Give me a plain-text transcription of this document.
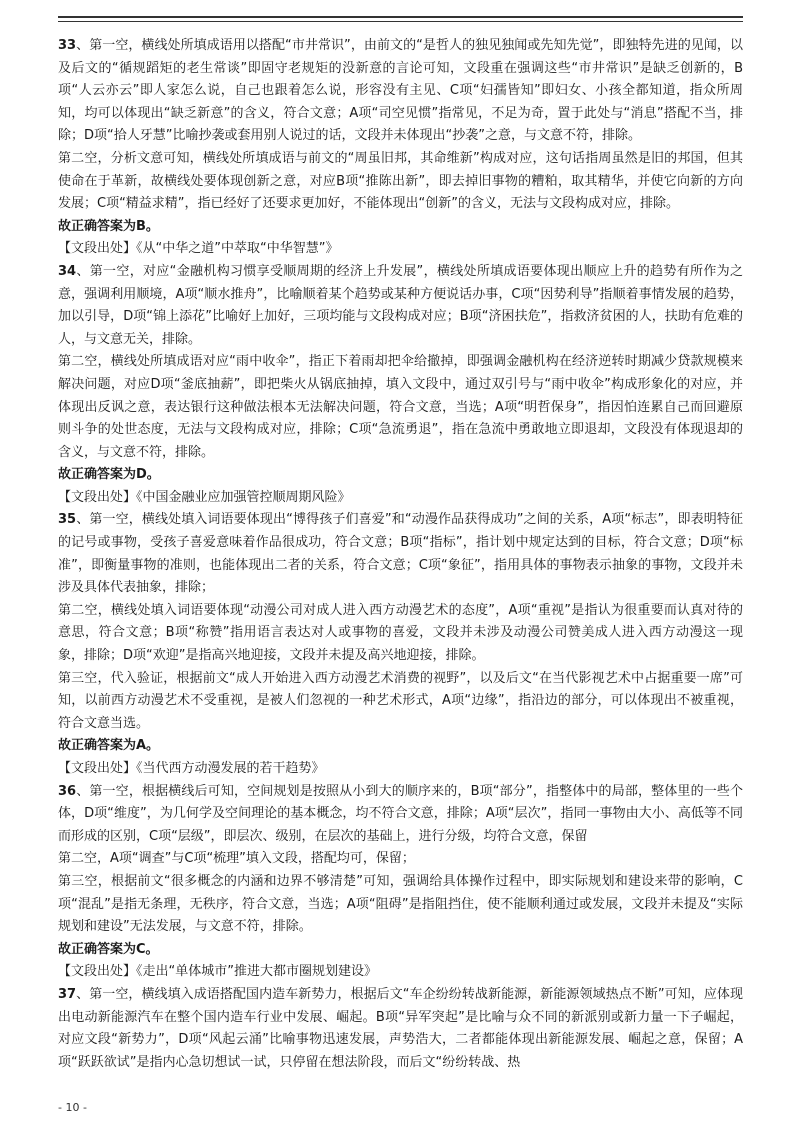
33、第一空，横线处所填成语用以搭配“市井常识”，由前文的“是哲人的独见独闻或先知先觉”，即独特先进的见闻，以及后文的“循规蹈矩的老生常谈”即固守老规矩的没新意的言论可知，文段重在强调这些“市井常识”是缺乏创新的，B项“人云亦云”即人家怎么说，自己也跟着怎么说，形容没有主见、C项“妇孺皆知”即妇女、小孩全都知道，指众所周知，均可以体现出“缺乏新意”的含义，符合文意；A项“司空见惯”指常见，不足为奇，置于此处与“消息”搭配不当，排除；D项“拾人牙慧”比喻抄袭或套用别人说过的话，文段并未体现出“抄袭”之意，与文意不符，排除。

第二空，分析文意可知，横线处所填成语与前文的“周虽旧邦，其命维新”构成对应，这句话指周虽然是旧的邦国，但其使命在于革新，故横线处要体现创新之意，对应B项“推陈出新”，即去掉旧事物的糟粕，取其精华，并使它向新的方向发展；C项“精益求精”，指已经好了还要求更加好，不能体现出“创新”的含义，无法与文段构成对应，排除。

故正确答案为B。

【文段出处】《从“中华之道”中萃取“中华智慧”》

34、第一空，对应“金融机构习惯享受顺周期的经济上升发展”，横线处所填成语要体现出顺应上升的趋势有所作为之意，强调利用顺境，A项“顺水推舟”，比喻顺着某个趋势或某种方便说话办事，C项“因势利导”指顺着事情发展的趋势，加以引导，D项“锦上添花”比喻好上加好，三项均能与文段构成对应；B项“济困扶危”，指救济贫困的人，扶助有危难的人，与文意无关，排除。

第二空，横线处所填成语对应“雨中收伞”，指正下着雨却把伞给撤掉，即强调金融机构在经济逆转时期减少贷款规模来解决问题，对应D项“釜底抽薪”，即把柴火从锅底抽掉，填入文段中，通过双引号与“雨中收伞”构成形象化的对应，并体现出反讽之意，表达银行这种做法根本无法解决问题，符合文意，当选；A项“明哲保身”，指因怕连累自己而回避原则斗争的处世态度，无法与文段构成对应，排除；C项“急流勇退”，指在急流中勇敢地立即退却，文段没有体现退却的含义，与文意不符，排除。

故正确答案为D。

【文段出处】《中国金融业应加强管控顺周期风险》

35、第一空，横线处填入词语要体现出“博得孩子们喜爱”和“动漫作品获得成功”之间的关系，A项“标志”，即表明特征的记号或事物，受孩子喜爱意味着作品很成功，符合文意；B项“指标”，指计划中规定达到的目标，符合文意；D项“标准”，即衡量事物的准则，也能体现出二者的关系，符合文意；C项“象征”，指用具体的事物表示抽象的事物，文段并未涉及具体代表抽象，排除；

第二空，横线处填入词语要体现“动漫公司对成人进入西方动漫艺术的态度”，A项“重视”是指认为很重要而认真对待的意思，符合文意；B项“称赞”指用语言表达对人或事物的喜爱，文段并未涉及动漫公司赞美成人进入西方动漫这一现象，排除；D项“欢迎”是指高兴地迎接，文段并未提及高兴地迎接，排除。

第三空，代入验证，根据前文“成人开始进入西方动漫艺术消费的视野”，以及后文“在当代影视艺术中占据重要一席”可知，以前西方动漫艺术不受重视，是被人们忽视的一种艺术形式，A项“边缘”，指沿边的部分，可以体现出不被重视，符合文意当选。

故正确答案为A。

【文段出处】《当代西方动漫发展的若干趋势》

36、第一空，根据横线后可知，空间规划是按照从小到大的顺序来的，B项“部分”，指整体中的局部，整体里的一些个体，D项“维度”，为几何学及空间理论的基本概念，均不符合文意，排除；A项“层次”，指同一事物由大小、高低等不同而形成的区别，C项“层级”，即层次、级别，在层次的基础上，进行分级，均符合文意，保留

第二空，A项“调查”与C项“梳理”填入文段，搭配均可，保留；

第三空，根据前文“很多概念的内涵和边界不够清楚”可知，强调给具体操作过程中，即实际规划和建设来带的影响，C项“混乱”是指无条理，无秩序，符合文意，当选；A项“阻碍”是指阻挡住，使不能顺利通过或发展，文段并未提及“实际规划和建设”无法发展，与文意不符，排除。

故正确答案为C。

【文段出处】《走出“单体城市”推进大都市圈规划建设》

37、第一空，横线填入成语搭配国内造车新势力，根据后文“车企纷纷转战新能源，新能源领域热点不断”可知，应体现出电动新能源汽车在整个国内造车行业中发展、崛起。B项“异军突起”是比喻与众不同的新派别或新力量一下子崛起，对应文段“新势力”，D项“风起云涌”比喻事物迅速发展，声势浩大，二者都能体现出新能源发展、崛起之意，保留；A项“跃跃欲试”是指内心急切想试一试，只停留在想法阶段，而后文“纷纷转战、热

- 10 -
